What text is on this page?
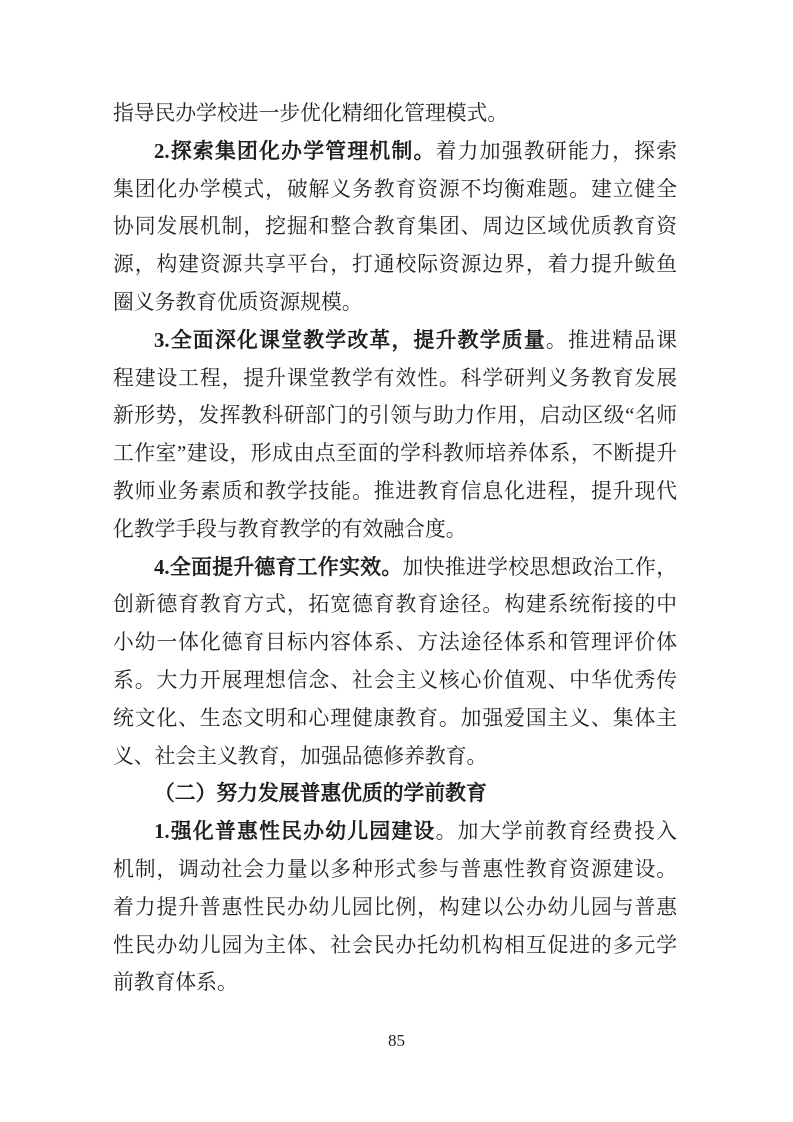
指导民办学校进一步优化精细化管理模式。
2.探索集团化办学管理机制。着力加强教研能力，探索
集团化办学模式，破解义务教育资源不均衡难题。建立健全
协同发展机制，挖掘和整合教育集团、周边区域优质教育资
源，构建资源共享平台，打通校际资源边界，着力提升鲅鱼
圈义务教育优质资源规模。
3.全面深化课堂教学改革，提升教学质量。推进精品课
程建设工程，提升课堂教学有效性。科学研判义务教育发展
新形势，发挥教科研部门的引领与助力作用，启动区级“名师
工作室”建设，形成由点至面的学科教师培养体系，不断提升
教师业务素质和教学技能。推进教育信息化进程，提升现代
化教学手段与教育教学的有效融合度。
4.全面提升德育工作实效。加快推进学校思想政治工作，
创新德育教育方式，拓宽德育教育途径。构建系统衔接的中
小幼一体化德育目标内容体系、方法途径体系和管理评价体
系。大力开展理想信念、社会主义核心价值观、中华优秀传
统文化、生态文明和心理健康教育。加强爱国主义、集体主
义、社会主义教育，加强品德修养教育。
（二）努力发展普惠优质的学前教育
1.强化普惠性民办幼儿园建设。加大学前教育经费投入
机制，调动社会力量以多种形式参与普惠性教育资源建设。
着力提升普惠性民办幼儿园比例，构建以公办幼儿园与普惠
性民办幼儿园为主体、社会民办托幼机构相互促进的多元学
前教育体系。
85
